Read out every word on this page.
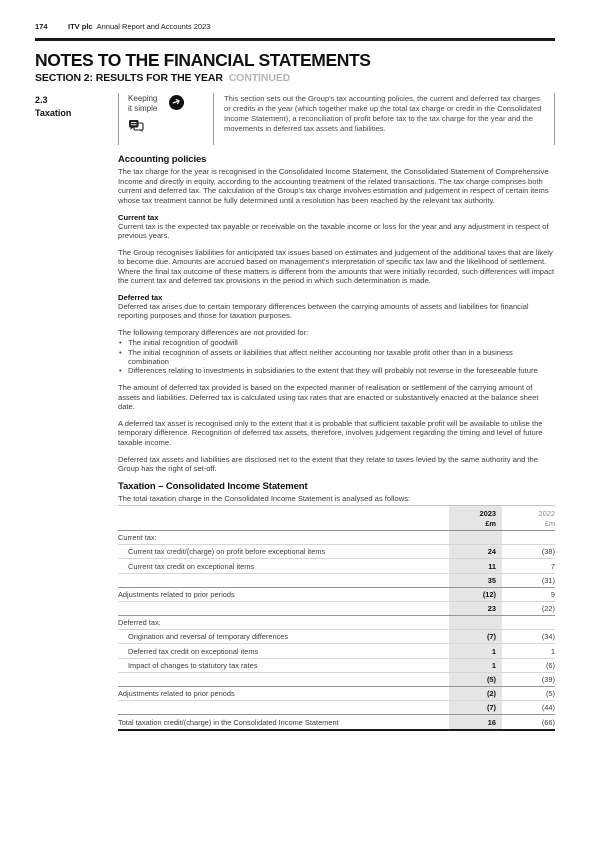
174	ITV plc Annual Report and Accounts 2023
NOTES TO THE FINANCIAL STATEMENTS
SECTION 2: RESULTS FOR THE YEAR CONTINUED
2.3
Taxation
Keeping
it simple ➔	This section sets out the Group's tax accounting policies, the current and deferred tax charges or credits in the year (which together make up the total tax charge or credit in the Consolidated Income Statement), a reconciliation of profit before tax to the tax charge for the year and the movements in deferred tax assets and liabilities.
Accounting policies

The tax charge for the year is recognised in the Consolidated Income Statement, the Consolidated Statement of Comprehensive Income and directly in equity, according to the accounting treatment of the related transactions. The tax charge comprises both current and deferred tax. The calculation of the Group's tax charge involves estimation and judgement in respect of certain items whose tax treatment cannot be fully determined until a resolution has been reached by the relevant tax authority.

Current tax

Current tax is the expected tax payable or receivable on the taxable income or loss for the year and any adjustment in respect of previous years.

The Group recognises liabilities for anticipated tax issues based on estimates and judgement of the additional taxes that are likely to become due. Amounts are accrued based on management's interpretation of specific tax law and the likelihood of settlement. Where the final tax outcome of these matters is different from the amounts that were initially recorded, such differences will impact the current tax and deferred tax provisions in the period in which such determination is made.

Deferred tax

Deferred tax arises due to certain temporary differences between the carrying amounts of assets and liabilities for financial reporting purposes and those for taxation purposes.

The following temporary differences are not provided for:

• The initial recognition of goodwill
• The initial recognition of assets or liabilities that affect neither accounting nor taxable profit other than in a business combination
• Differences relating to investments in subsidiaries to the extent that they will probably not reverse in the foreseeable future

The amount of deferred tax provided is based on the expected manner of realisation or settlement of the carrying amount of assets and liabilities. Deferred tax is calculated using tax rates that are enacted or substantively enacted at the balance sheet date.

A deferred tax asset is recognised only to the extent that it is probable that sufficient taxable profit will be available to utilise the temporary difference. Recognition of deferred tax assets, therefore, involves judgement regarding the timing and level of future taxable income.

Deferred tax assets and liabilities are disclosed net to the extent that they relate to taxes levied by the same authority and the Group has the right of set-off.

Taxation – Consolidated Income Statement

The total taxation charge in the Consolidated Income Statement is analysed as follows:

2023
£m

2022
£m

Current tax:		
Current tax credit/(charge) on profit before exceptional items	24	(38)
Current tax credit on exceptional items	11	7
	35	(31)
Adjustments related to prior periods	(12)	9
	23	(22)
Deferred tax:		
Origination and reversal of temporary differences	(7)	(34)
Deferred tax credit on exceptional items	1	1
Impact of changes to statutory tax rates	1	(6)
	(5)	(39)
Adjustments related to prior periods	(2)	(5)
	(7)	(44)
Total taxation credit/(charge) in the Consolidated Income Statement	16	(66)
